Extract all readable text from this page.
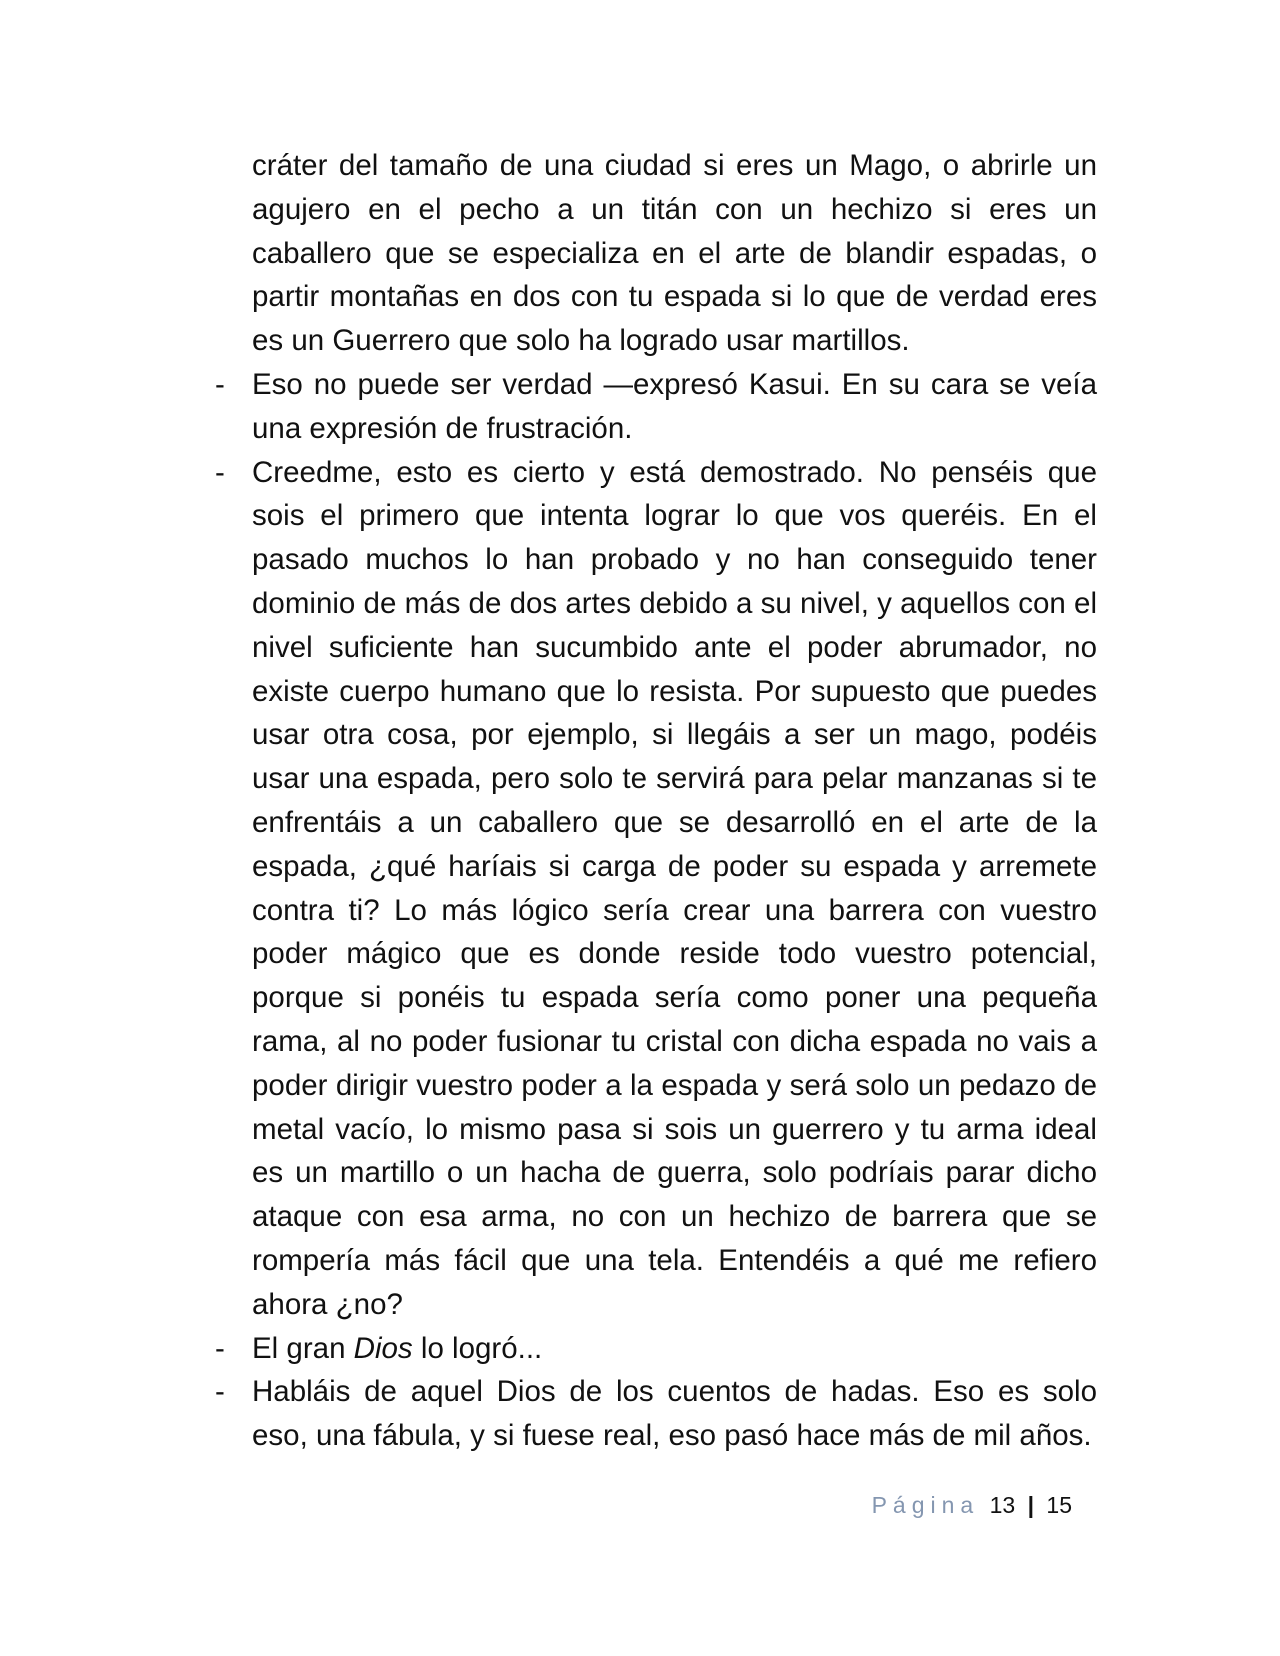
cráter del tamaño de una ciudad si eres un Mago, o abrirle un agujero en el pecho a un titán con un hechizo si eres un caballero que se especializa en el arte de blandir espadas, o partir montañas en dos con tu espada si lo que de verdad eres es un Guerrero que solo ha logrado usar martillos.

- Eso no puede ser verdad —expresó Kasui. En su cara se veía una expresión de frustración.

- Creedme, esto es cierto y está demostrado. No penséis que sois el primero que intenta lograr lo que vos queréis. En el pasado muchos lo han probado y no han conseguido tener dominio de más de dos artes debido a su nivel, y aquellos con el nivel suficiente han sucumbido ante el poder abrumador, no existe cuerpo humano que lo resista. Por supuesto que puedes usar otra cosa, por ejemplo, si llegáis a ser un mago, podéis usar una espada, pero solo te servirá para pelar manzanas si te enfrentáis a un caballero que se desarrolló en el arte de la espada, ¿qué haríais si carga de poder su espada y arremete contra ti? Lo más lógico sería crear una barrera con vuestro poder mágico que es donde reside todo vuestro potencial, porque si ponéis tu espada sería como poner una pequeña rama, al no poder fusionar tu cristal con dicha espada no vais a poder dirigir vuestro poder a la espada y será solo un pedazo de metal vacío, lo mismo pasa si sois un guerrero y tu arma ideal es un martillo o un hacha de guerra, solo podríais parar dicho ataque con esa arma, no con un hechizo de barrera que se rompería más fácil que una tela. Entendéis a qué me refiero ahora ¿no?

- El gran Dios lo logró...

- Habláis de aquel Dios de los cuentos de hadas. Eso es solo eso, una fábula, y si fuese real, eso pasó hace más de mil años.

Página 13 | 15
